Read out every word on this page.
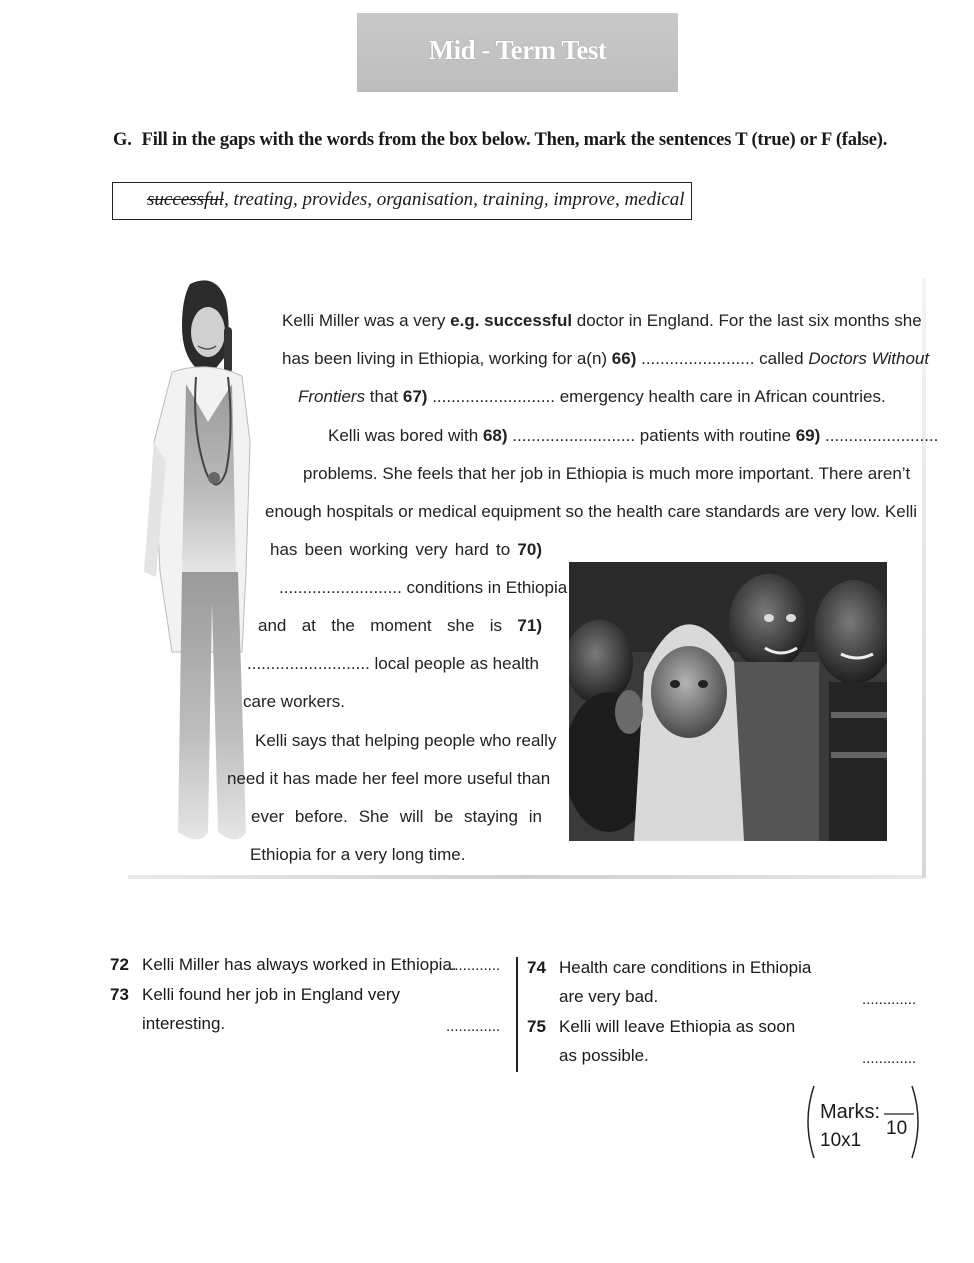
Mid - Term Test
G. Fill in the gaps with the words from the box below. Then, mark the sentences T (true) or F (false).
successful, treating, provides, organisation, training, improve, medical
Kelli Miller was a very e.g. successful doctor in England. For the last six months she
has been living in Ethiopia, working for a(n) 66) ........................ called Doctors Without
Frontiers that 67) .......................... emergency health care in African countries.
Kelli was bored with 68) .......................... patients with routine 69) ........................
problems. She feels that her job in Ethiopia is much more important. There aren’t
enough hospitals or medical equipment so the health care standards are very low. Kelli
has been working very hard to 70)
.......................... conditions in Ethiopia
and at the moment she is 71)
.......................... local people as health
care workers.
Kelli says that helping people who really
need it has made her feel more useful than
ever before. She will be staying in
Ethiopia for a very long time.
72 Kelli Miller has always worked in Ethiopia.
.............
73 Kelli found her job in England very
interesting.	.............
74 Health care conditions in Ethiopia
are very bad.	.............
75 Kelli will leave Ethiopia as soon
as possible.	.............
Marks:
10x1
10
